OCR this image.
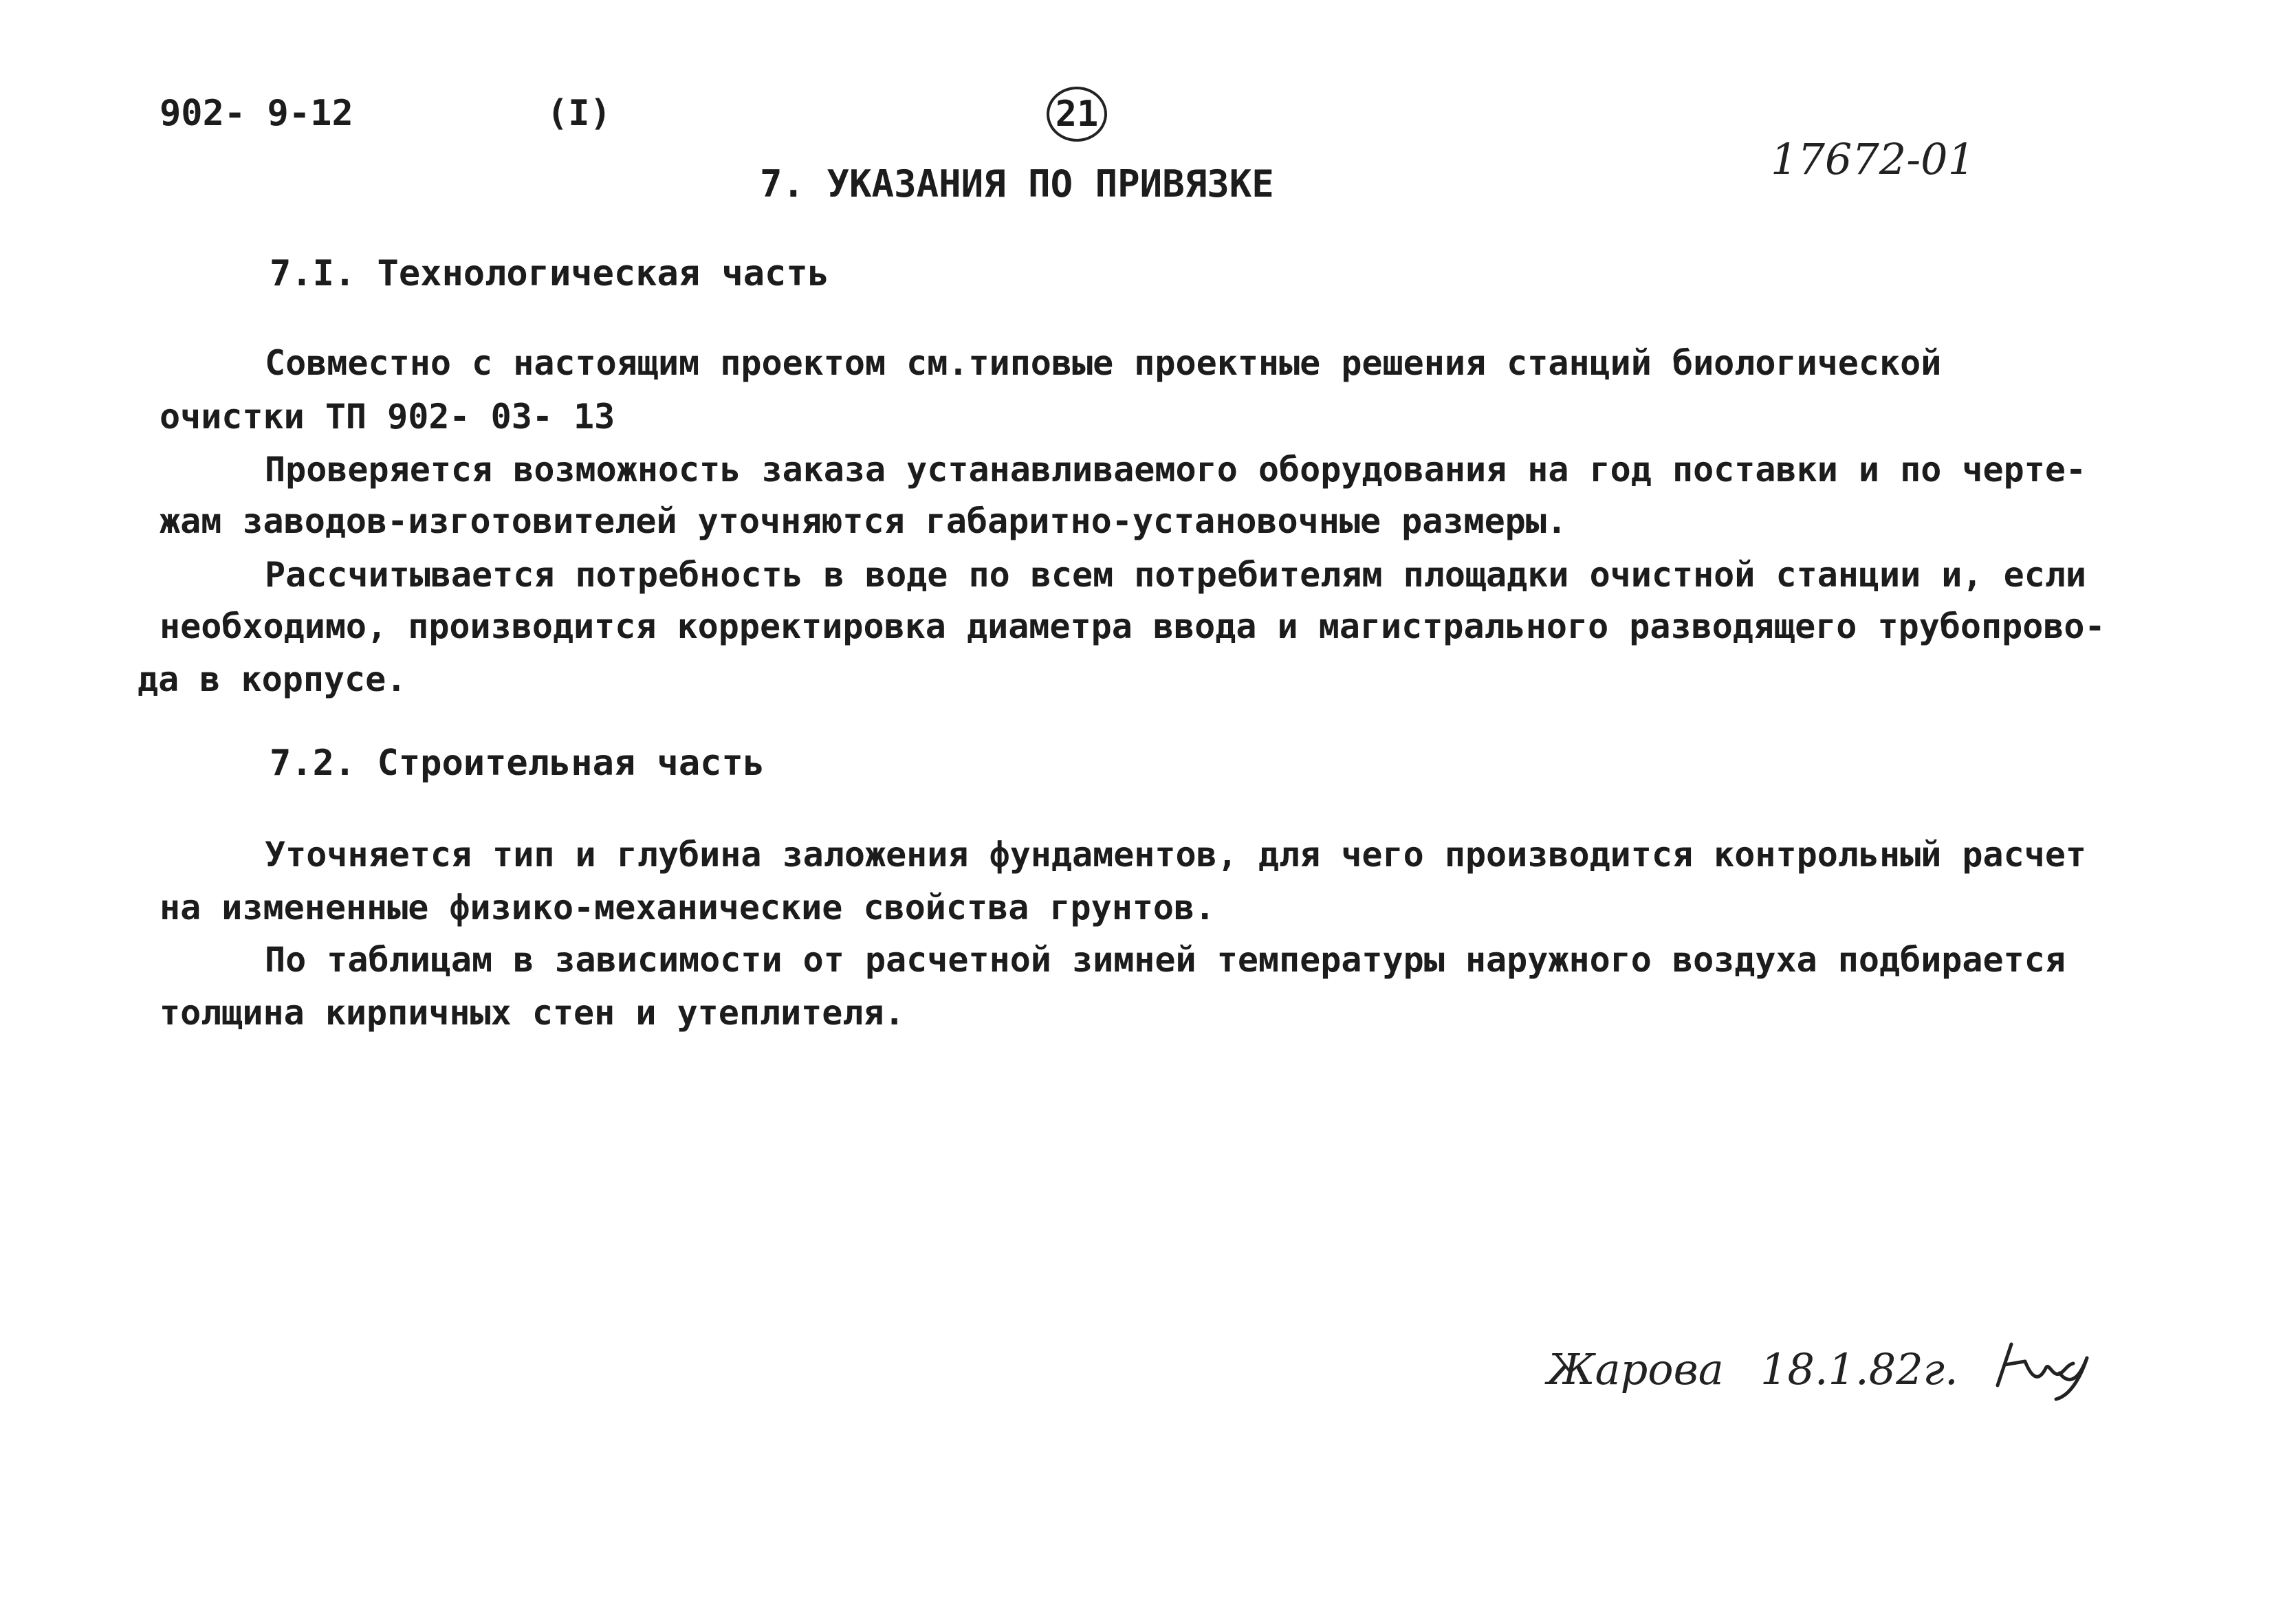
902- 9-12	(I)	21
17672-01
7. УКАЗАНИЯ ПО ПРИВЯЗКЕ
7.I. Технологическая часть
Совместно с настоящим проектом см.типовые проектные решения станций биологической
очистки ТП 902- 03- 13
Проверяется возможность заказа устанавливаемого оборудования на год поставки и по черте-
жам заводов-изготовителей уточняются габаритно-установочные размеры.
Рассчитывается потребность в воде по всем потребителям площадки очистной станции и, если
необходимо, производится корректировка диаметра ввода и магистрального разводящего трубопрово-
да в корпусе.
7.2. Строительная часть
Уточняется тип и глубина заложения фундаментов, для чего производится контрольный расчет
на измененные физико-механические свойства грунтов.
По таблицам в зависимости от расчетной зимней температуры наружного воздуха подбирается
толщина кирпичных стен и утеплителя.
Жарова 18.1.82г.
